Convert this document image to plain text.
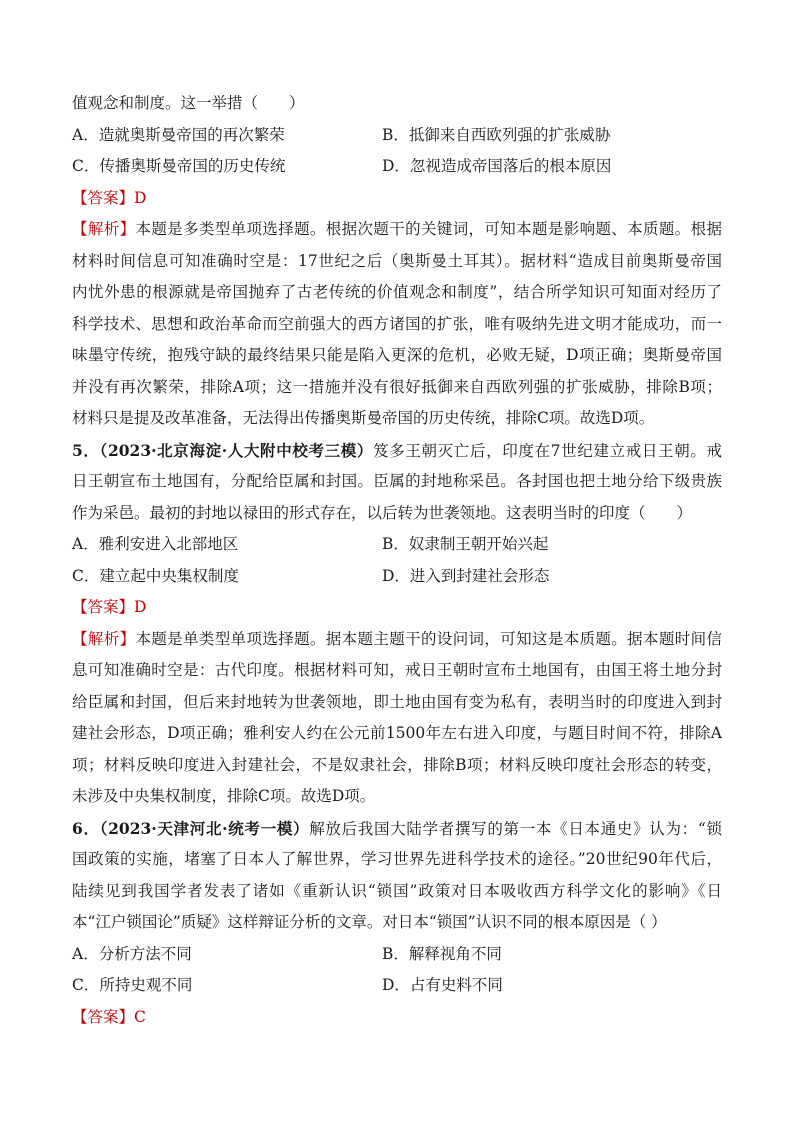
值观念和制度。这一举措（　　）
A．造就奥斯曼帝国的再次繁荣	B．抵御来自西欧列强的扩张威胁
C．传播奥斯曼帝国的历史传统	D．忽视造成帝国落后的根本原因
【答案】D
【解析】本题是多类型单项选择题。根据次题干的关键词，可知本题是影响题、本质题。根据
材料时间信息可知准确时空是：17世纪之后（奥斯曼土耳其）。据材料“造成目前奥斯曼帝国
内忧外患的根源就是帝国抛弃了古老传统的价值观念和制度”，结合所学知识可知面对经历了
科学技术、思想和政治革命而空前强大的西方诸国的扩张，唯有吸纳先进文明才能成功，而一
味墨守传统，抱残守缺的最终结果只能是陷入更深的危机，必败无疑，D项正确；奥斯曼帝国
并没有再次繁荣，排除A项；这一措施并没有很好抵御来自西欧列强的扩张威胁，排除B项；
材料只是提及改革准备，无法得出传播奥斯曼帝国的历史传统，排除C项。故选D项。
5．（2023·北京海淀·人大附中校考三模）笈多王朝灭亡后，印度在7世纪建立戒日王朝。戒
日王朝宣布土地国有，分配给臣属和封国。臣属的封地称采邑。各封国也把土地分给下级贵族
作为采邑。最初的封地以禄田的形式存在，以后转为世袭领地。这表明当时的印度（　　）
A．雅利安进入北部地区	B．奴隶制王朝开始兴起
C．建立起中央集权制度	D．进入到封建社会形态
【答案】D
【解析】本题是单类型单项选择题。据本题主题干的设问词，可知这是本质题。据本题时间信
息可知准确时空是：古代印度。根据材料可知，戒日王朝时宣布土地国有，由国王将土地分封
给臣属和封国，但后来封地转为世袭领地，即土地由国有变为私有，表明当时的印度进入到封
建社会形态，D项正确；雅利安人约在公元前1500年左右进入印度，与题目时间不符，排除A
项；材料反映印度进入封建社会，不是奴隶社会，排除B项；材料反映印度社会形态的转变，
未涉及中央集权制度，排除C项。故选D项。
6．（2023·天津河北·统考一模）解放后我国大陆学者撰写的第一本《日本通史》认为：“锁
国政策的实施，堵塞了日本人了解世界，学习世界先进科学技术的途径。”20世纪90年代后，
陆续见到我国学者发表了诸如《重新认识“锁国”政策对日本吸收西方科学文化的影响》《日
本“江户锁国论”质疑》这样辩证分析的文章。对日本“锁国”认识不同的根本原因是（ ）
A．分析方法不同	B．解释视角不同
C．所持史观不同	D．占有史料不同
【答案】C
